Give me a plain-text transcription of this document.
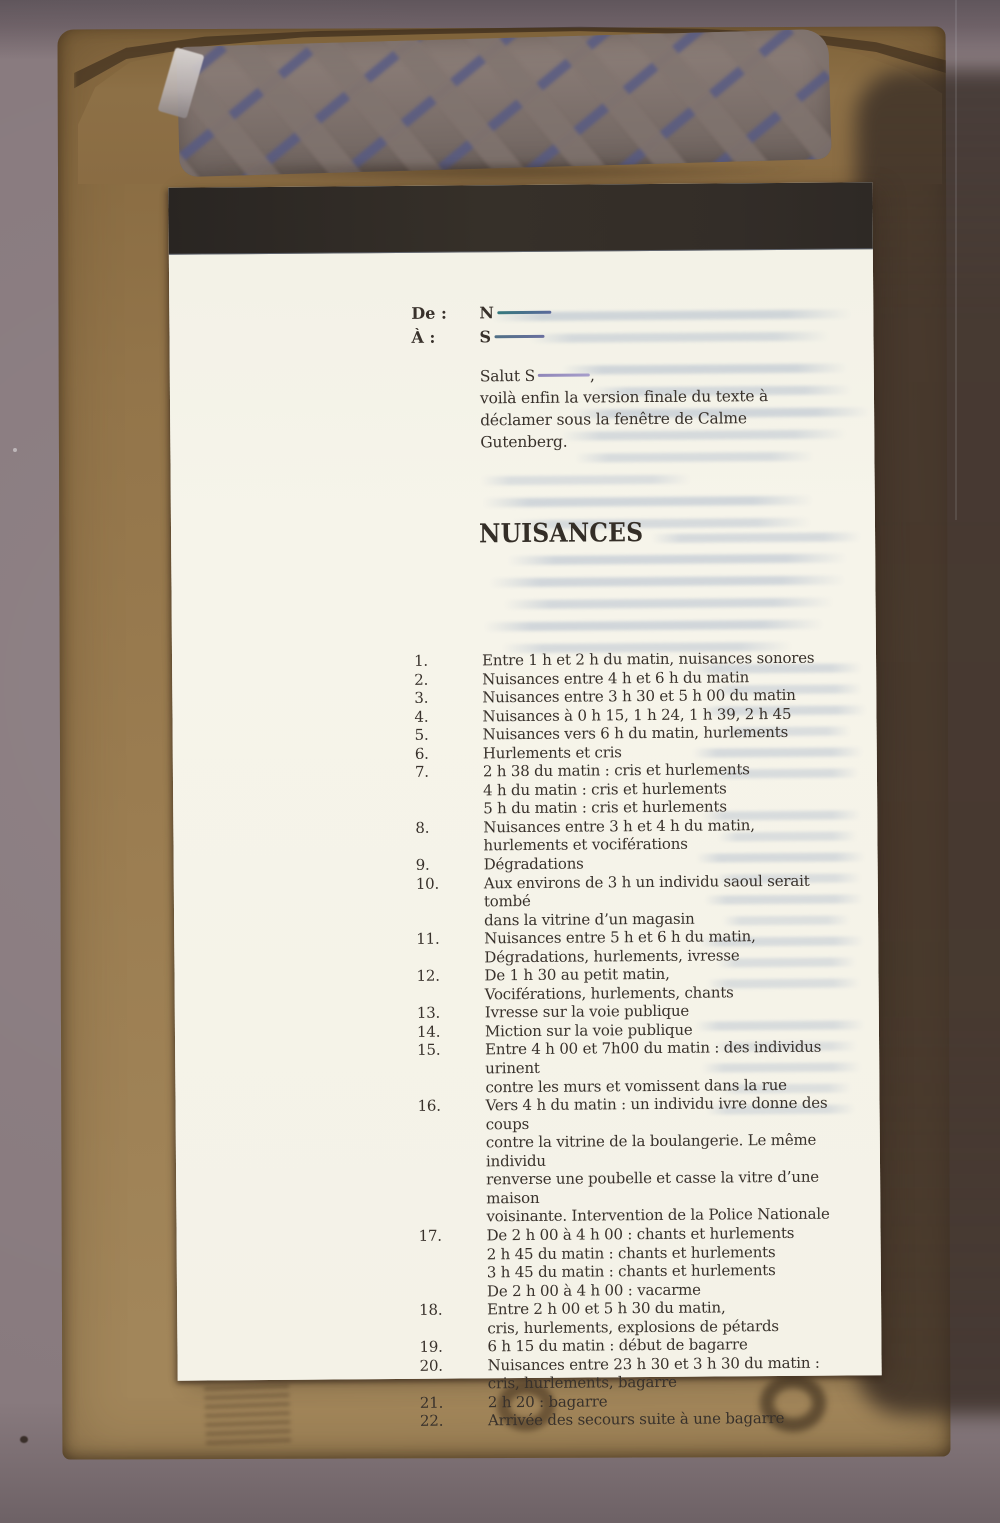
De :	N
À :	S
Salut S	,
voilà enfin la version finale du texte à
déclamer sous la fenêtre de Calme
Gutenberg.
NUISANCES
1.	Entre 1 h et 2 h du matin, nuisances sonores
2.	Nuisances entre 4 h et 6 h du matin
3.	Nuisances entre 3 h 30 et 5 h 00 du matin
4.	Nuisances à 0 h 15, 1 h 24, 1 h 39, 2 h 45
5.	Nuisances vers 6 h du matin, hurlements
6.	Hurlements et cris
7.	2 h 38 du matin : cris et hurlements
4 h du matin : cris et hurlements
5 h du matin : cris et hurlements
8.	Nuisances entre 3 h et 4 h du matin,
hurlements et vociférations
9.	Dégradations
10.	Aux environs de 3 h un individu saoul serait tombé
dans la vitrine d’un magasin
11.	Nuisances entre 5 h et 6 h du matin,
Dégradations, hurlements, ivresse
12.	De 1 h 30 au petit matin,
Vociférations, hurlements, chants
13.	Ivresse sur la voie publique
14.	Miction sur la voie publique
15.	Entre 4 h 00 et 7h00 du matin : des individus urinent
contre les murs et vomissent dans la rue
16.	Vers 4 h du matin : un individu ivre donne des coups
contre la vitrine de la boulangerie. Le même individu
renverse une poubelle et casse la vitre d’une maison
voisinante. Intervention de la Police Nationale
17.	De 2 h 00 à 4 h 00 : chants et hurlements
2 h 45 du matin : chants et hurlements
3 h 45 du matin : chants et hurlements
De 2 h 00 à 4 h 00 : vacarme
18.	Entre 2 h 00 et 5 h 30 du matin,
cris, hurlements, explosions de pétards
19.	6 h 15 du matin : début de bagarre
20.	Nuisances entre 23 h 30 et 3 h 30 du matin :
cris, hurlements, bagarre
21.	2 h 20 : bagarre
22.	Arrivée des secours suite à une bagarre
